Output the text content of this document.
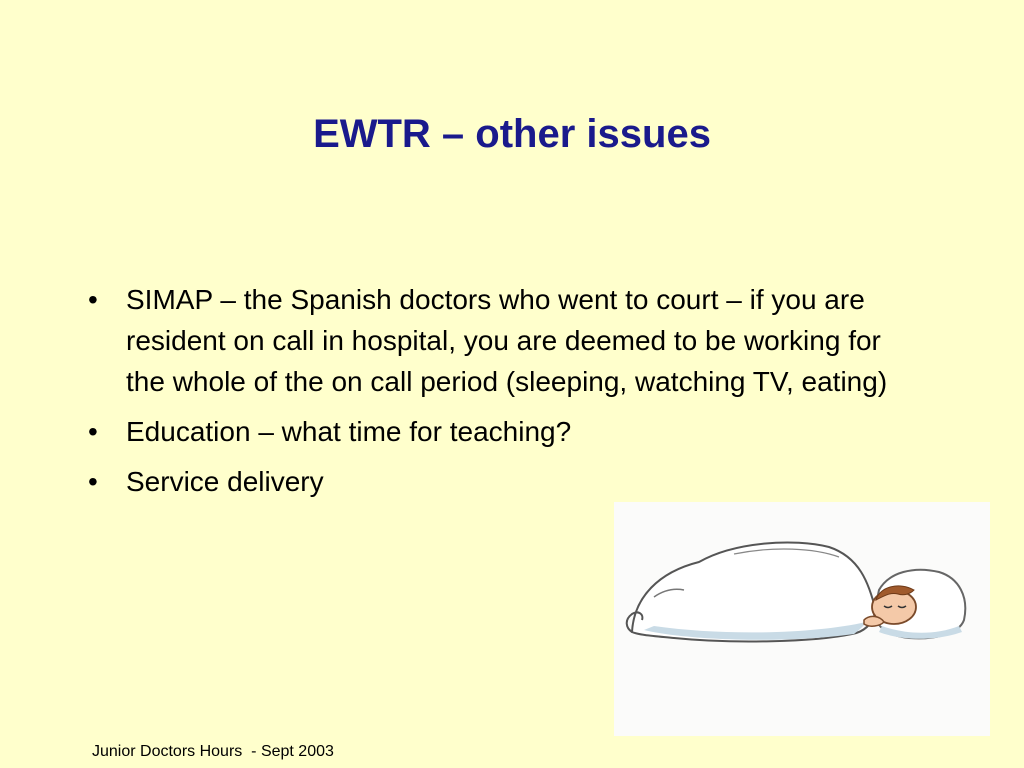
EWTR – other issues
• SIMAP – the Spanish doctors who went to court – if you are resident on call in hospital, you are deemed to be working for the whole of the on call period (sleeping, watching TV, eating)
• Education – what time for teaching?
• Service delivery
Junior Doctors Hours  - Sept 2003
